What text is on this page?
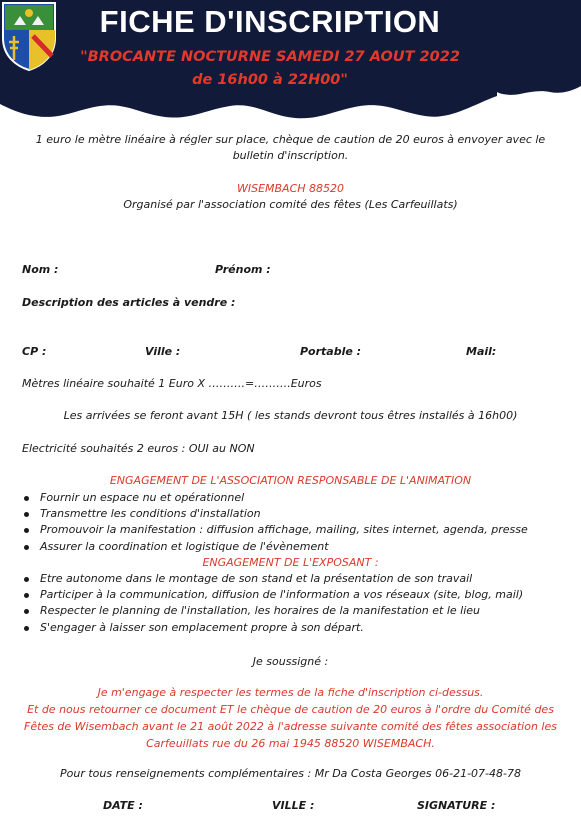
FICHE D'INSCRIPTION
"BROCANTE NOCTURNE SAMEDI 27 AOUT 2022
de 16h00 à 22H00"
1 euro le mètre linéaire à régler sur place, chèque de caution de 20 euros à envoyer avec le
bulletin d'inscription.
WISEMBACH 88520
Organisé par l'association comité des fêtes (Les Carfeuillats)
Nom :	Prénom :
Description des articles à vendre :
CP :	Ville :	Portable :	Mail:
Mètres linéaire souhaité 1 Euro X ……….=……….Euros
Les arrivées se feront avant 15H ( les stands devront tous êtres installés à 16h00)
Electricité souhaités 2 euros : OUI au NON
ENGAGEMENT DE L'ASSOCIATION RESPONSABLE DE L'ANIMATION
Fournir un espace nu et opérationnel
Transmettre les conditions d'installation
Promouvoir la manifestation : diffusion affichage, mailing, sites internet, agenda, presse
Assurer la coordination et logistique de l'évènement
ENGAGEMENT DE L'EXPOSANT :
Etre autonome dans le montage de son stand et la présentation de son travail
Participer à la communication, diffusion de l'information a vos réseaux (site, blog, mail)
Respecter le planning de l'installation, les horaires de la manifestation et le lieu
S'engager à laisser son emplacement propre à son départ.
Je soussigné :
Je m'engage à respecter les termes de la fiche d'inscription ci-dessus.
Et de nous retourner ce document ET le chèque de caution de 20 euros à l'ordre du Comité des
Fêtes de Wisembach avant le 21 août 2022 à l'adresse suivante comité des fêtes association les
Carfeuillats rue du 26 mai 1945 88520 WISEMBACH.
Pour tous renseignements complémentaires : Mr Da Costa Georges 06-21-07-48-78
DATE :	VILLE :	SIGNATURE :
